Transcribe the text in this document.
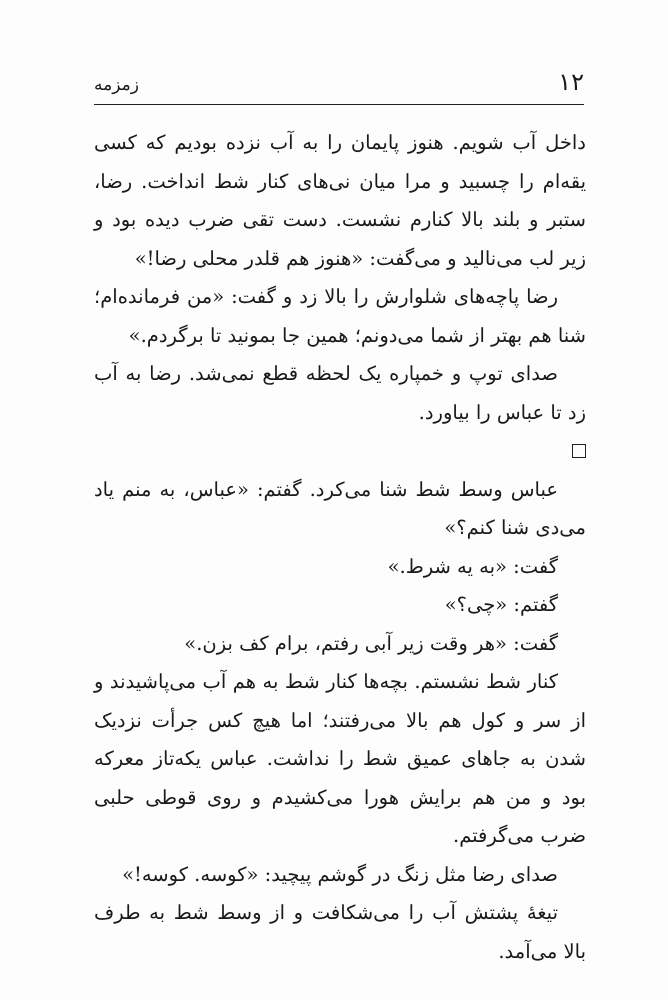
۱۲
زمزمه

داخل آب شویم. هنوز پایمان را به آب نزده بودیم که کسی یقه‌ام را چسبید و مرا میان نی‌های کنار شط انداخت. رضا، ستبر و بلند بالا کنارم نشست. دست تقی ضرب دیده بود و زیر لب می‌نالید و می‌گفت: «هنوز هم قلدر محلی رضا!»

رضا پاچه‌های شلوارش را بالا زد و گفت: «من فرمانده‌ام؛ شنا هم بهتر از شما می‌دونم؛ همین جا بمونید تا برگردم.»

صدای توپ و خمپاره یک لحظه قطع نمی‌شد. رضا به آب زد تا عباس را بیاورد.

عباس وسط شط شنا می‌کرد. گفتم: «عباس، به منم یاد می‌دی شنا کنم؟»

گفت: «به یه شرط.»

گفتم: «چی؟»

گفت: «هر وقت زیر آبی رفتم، برام کف بزن.»

کنار شط نشستم. بچه‌ها کنار شط به هم آب می‌پاشیدند و از سر و کول هم بالا می‌رفتند؛ اما هیچ کس جرأت نزدیک شدن به جاهای عمیق شط را نداشت. عباس یکه‌تاز معرکه بود و من هم برایش هورا می‌کشیدم و روی قوطی حلبی ضرب می‌گرفتم.

صدای رضا مثل زنگ در گوشم پیچید: «کوسه. کوسه!»

تیغهٔ پشتش آب را می‌شکافت و از وسط شط به طرف بالا می‌آمد.
